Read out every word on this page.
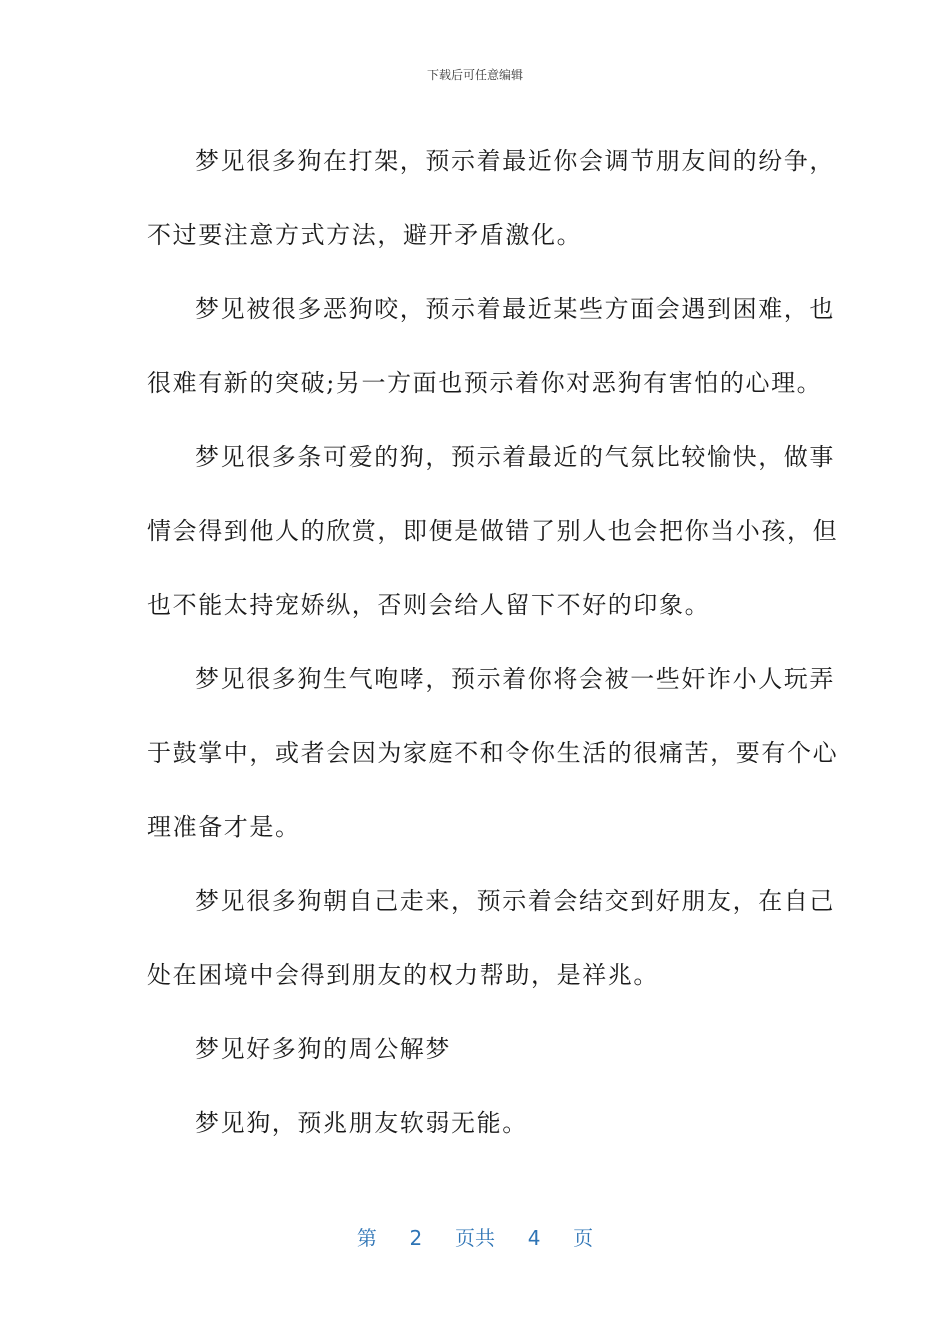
下载后可任意编辑
梦见很多狗在打架，预示着最近你会调节朋友间的纷争，
不过要注意方式方法，避开矛盾激化。
梦见被很多恶狗咬，预示着最近某些方面会遇到困难，也
很难有新的突破;另一方面也预示着你对恶狗有害怕的心理。
梦见很多条可爱的狗，预示着最近的气氛比较愉快，做事
情会得到他人的欣赏，即便是做错了别人也会把你当小孩，但
也不能太持宠娇纵，否则会给人留下不好的印象。
梦见很多狗生气咆哮，预示着你将会被一些奸诈小人玩弄
于鼓掌中，或者会因为家庭不和令你生活的很痛苦，要有个心
理准备才是。
梦见很多狗朝自己走来，预示着会结交到好朋友，在自己
处在困境中会得到朋友的权力帮助，是祥兆。
梦见好多狗的周公解梦
梦见狗，预兆朋友软弱无能。
第 2 页共 4 页
